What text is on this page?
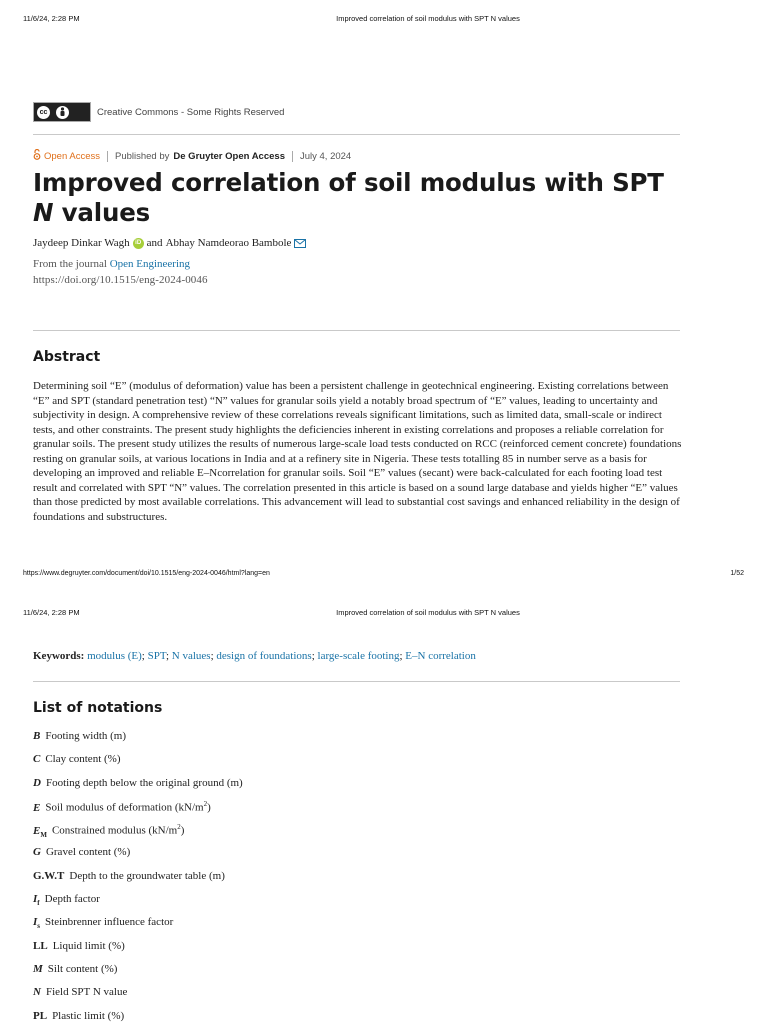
11/6/24, 2:28 PM	Improved correlation of soil modulus with SPT N values
cc	Creative Commons - Some Rights Reserved
Open Access Published by De Gruyter Open Access July 4, 2024
Improved correlation of soil modulus with SPT
N values
Jaydeep Dinkar Wagh iD and Abhay Namdeorao Bambole
From the journal Open Engineering
https://doi.org/10.1515/eng-2024-0046
Abstract

Determining soil “E” (modulus of deformation) value has been a persistent challenge in geotechnical engineering. Existing correlations between “E” and SPT (standard penetration test) “N” values for granular soils yield a notably broad spectrum of “E” values, leading to uncertainty and subjectivity in design. A comprehensive review of these correlations reveals significant limitations, such as limited data, small-scale or indirect tests, and other constraints. The present study highlights the deficiencies inherent in existing correlations and proposes a reliable correlation for granular soils. The present study utilizes the results of numerous large-scale load tests conducted on RCC (reinforced cement concrete) foundations resting on granular soils, at various locations in India and at a refinery site in Nigeria. These tests totalling 85 in number serve as a basis for developing an improved and reliable E–Ncorrelation for granular soils. Soil “E” values (secant) were back-calculated for each footing load test result and correlated with SPT “N” values. The correlation presented in this article is based on a sound large database and yields higher “E” values than those predicted by most available correlations. This advancement will lead to substantial cost savings and enhanced reliability in the design of foundations and substructures.

https://www.degruyter.com/document/doi/10.1515/eng-2024-0046/html?lang=en	1/52
11/6/24, 2:28 PM	Improved correlation of soil modulus with SPT N values
Keywords: modulus (E); SPT; N values; design of foundations; large-scale footing; E–N correlation
List of notations
B Footing width (m)
C Clay content (%)
D Footing depth below the original ground (m)
E Soil modulus of deformation $(kN/m^2)$
$E_M$ Constrained modulus $(kN/m^2)$
G Gravel content (%)
G.W.T Depth to the groundwater table (m)
$I_f$ Depth factor
$I_s$ Steinbrenner influence factor
LL Liquid limit (%)
M Silt content (%)
N Field SPT N value
PL Plastic limit (%)
